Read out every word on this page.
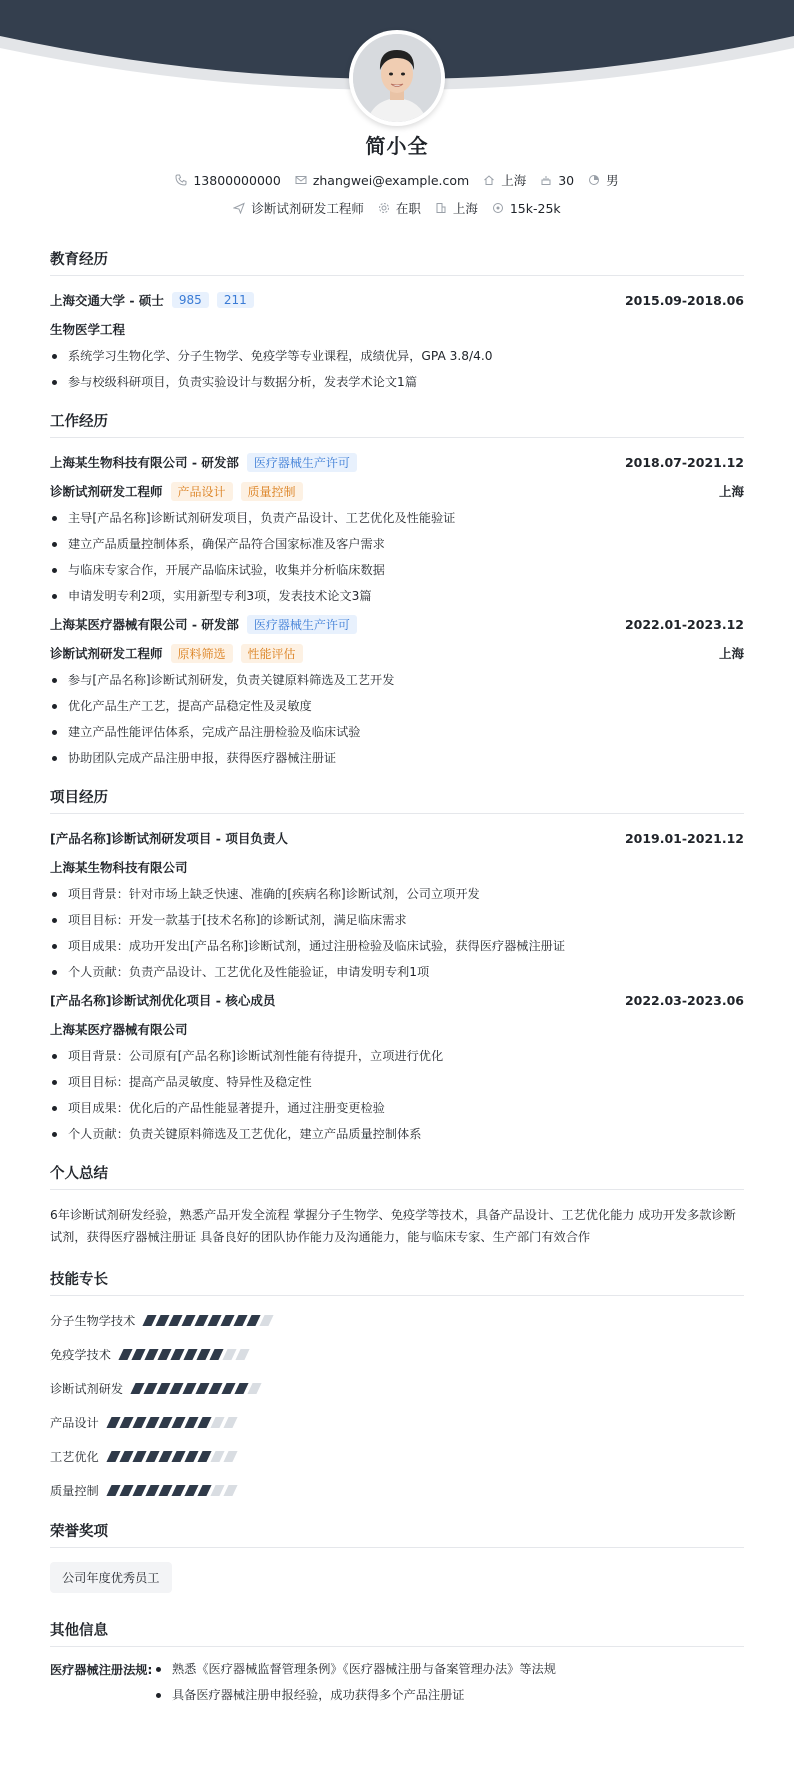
简小全
13800000000	zhangwei@example.com	上海	30	男
诊断试剂研发工程师	在职	上海	15k-25k
教育经历
上海交通大学 - 硕士	985	211	2015.09-2018.06
生物医学工程
系统学习生物化学、分子生物学、免疫学等专业课程，成绩优异，GPA 3.8/4.0
参与校级科研项目，负责实验设计与数据分析，发表学术论文1篇
工作经历
上海某生物科技有限公司 - 研发部	医疗器械生产许可	2018.07-2021.12
诊断试剂研发工程师	产品设计	质量控制	上海
主导[产品名称]诊断试剂研发项目，负责产品设计、工艺优化及性能验证
建立产品质量控制体系，确保产品符合国家标准及客户需求
与临床专家合作，开展产品临床试验，收集并分析临床数据
申请发明专利2项，实用新型专利3项，发表技术论文3篇
上海某医疗器械有限公司 - 研发部	医疗器械生产许可	2022.01-2023.12
诊断试剂研发工程师	原料筛选	性能评估	上海
参与[产品名称]诊断试剂研发，负责关键原料筛选及工艺开发
优化产品生产工艺，提高产品稳定性及灵敏度
建立产品性能评估体系，完成产品注册检验及临床试验
协助团队完成产品注册申报，获得医疗器械注册证
项目经历
[产品名称]诊断试剂研发项目 - 项目负责人	2019.01-2021.12
上海某生物科技有限公司
项目背景：针对市场上缺乏快速、准确的[疾病名称]诊断试剂，公司立项开发
项目目标：开发一款基于[技术名称]的诊断试剂，满足临床需求
项目成果：成功开发出[产品名称]诊断试剂，通过注册检验及临床试验，获得医疗器械注册证
个人贡献：负责产品设计、工艺优化及性能验证，申请发明专利1项
[产品名称]诊断试剂优化项目 - 核心成员	2022.03-2023.06
上海某医疗器械有限公司
项目背景：公司原有[产品名称]诊断试剂性能有待提升，立项进行优化
项目目标：提高产品灵敏度、特异性及稳定性
项目成果：优化后的产品性能显著提升，通过注册变更检验
个人贡献：负责关键原料筛选及工艺优化，建立产品质量控制体系
个人总结
6年诊断试剂研发经验，熟悉产品开发全流程 掌握分子生物学、免疫学等技术，具备产品设计、工艺优化能力 成功开发多款诊断试剂，获得医疗器械注册证 具备良好的团队协作能力及沟通能力，能与临床专家、生产部门有效合作
技能专长
分子生物学技术
免疫学技术
诊断试剂研发
产品设计
工艺优化
质量控制
荣誉奖项
公司年度优秀员工
其他信息
医疗器械注册法规:	熟悉《医疗器械监督管理条例》《医疗器械注册与备案管理办法》等法规
具备医疗器械注册申报经验，成功获得多个产品注册证
